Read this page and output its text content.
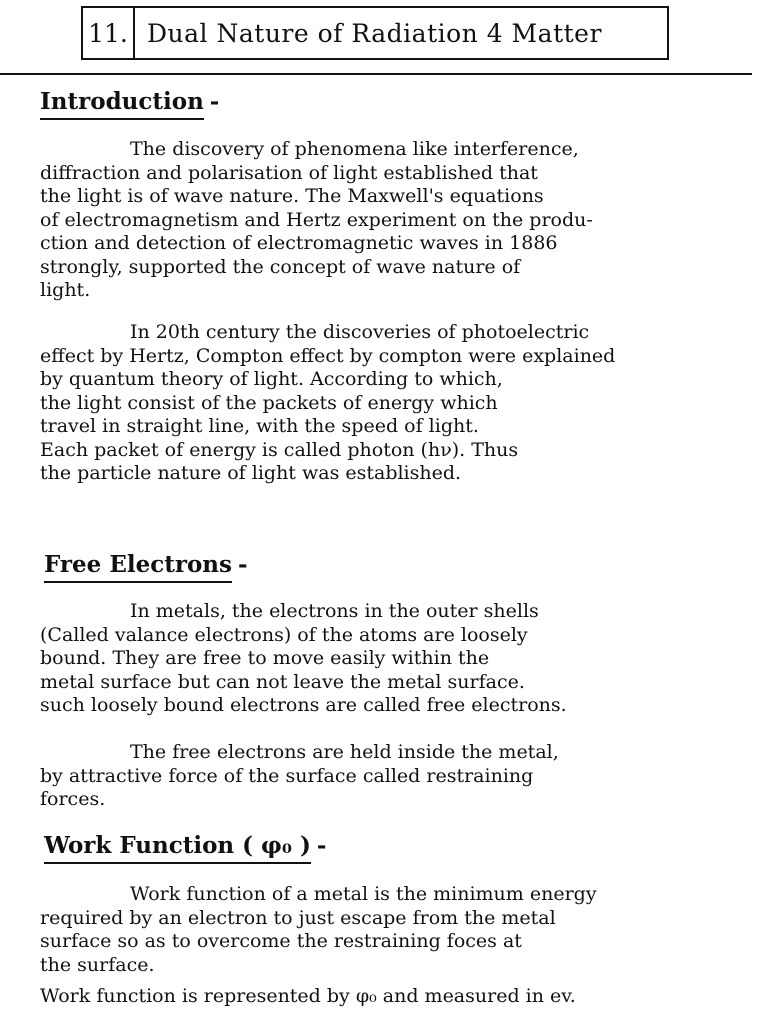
11. Dual Nature of Radiation 4 Matter
Introduction -
The discovery of phenomena like interference,
diffraction and polarisation of light established that
the light is of wave nature. The Maxwell's equations
of electromagnetism and Hertz experiment on the produ-
ction and detection of electromagnetic waves in 1886
strongly, supported the concept of wave nature of
light.
In 20th century the discoveries of photoelectric
effect by Hertz, Compton effect by compton were explained
by quantum theory of light. According to which,
the light consist of the packets of energy which
travel in straight line, with the speed of light.
Each packet of energy is called photon (hν). Thus
the particle nature of light was established.
Free Electrons -
In metals, the electrons in the outer shells
(Called valance electrons) of the atoms are loosely
bound. They are free to move easily within the
metal surface but can not leave the metal surface.
such loosely bound electrons are called free electrons.
The free electrons are held inside the metal,
by attractive force of the surface called restraining
forces.
Work Function ( φ₀ ) -
Work function of a metal is the minimum energy
required by an electron to just escape from the metal
surface so as to overcome the restraining foces at
the surface.
Work function is represented by φ₀ and measured in ev.
